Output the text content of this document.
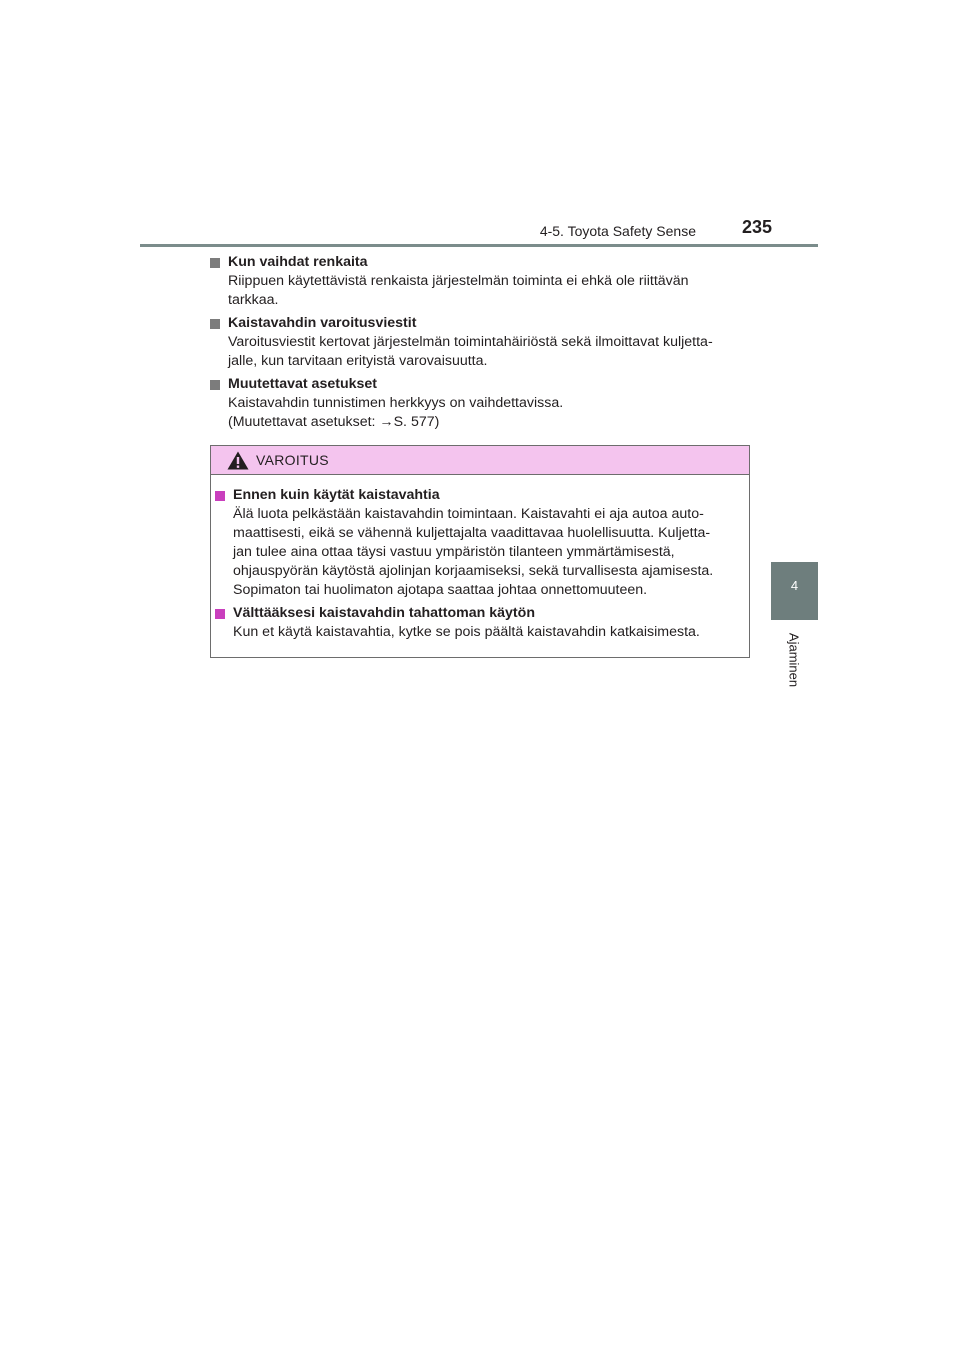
4-5. Toyota Safety Sense	235
4
Ajaminen
Kun vaihdat renkaita
Riippuen käytettävistä renkaista järjestelmän toiminta ei ehkä ole riittävän
tarkkaa.
Kaistavahdin varoitusviestit
Varoitusviestit kertovat järjestelmän toimintahäiriöstä sekä ilmoittavat kuljetta-
jalle, kun tarvitaan erityistä varovaisuutta.
Muutettavat asetukset
Kaistavahdin tunnistimen herkkyys on vaihdettavissa.
(Muutettavat asetukset: →S. 577)
VAROITUS
Ennen kuin käytät kaistavahtia
Älä luota pelkästään kaistavahdin toimintaan. Kaistavahti ei aja autoa auto-
maattisesti, eikä se vähennä kuljettajalta vaadittavaa huolellisuutta. Kuljetta-
jan tulee aina ottaa täysi vastuu ympäristön tilanteen ymmärtämisestä,
ohjauspyörän käytöstä ajolinjan korjaamiseksi, sekä turvallisesta ajamisesta.
Sopimaton tai huolimaton ajotapa saattaa johtaa onnettomuuteen.
Välttääksesi kaistavahdin tahattoman käytön
Kun et käytä kaistavahtia, kytke se pois päältä kaistavahdin katkaisimesta.
